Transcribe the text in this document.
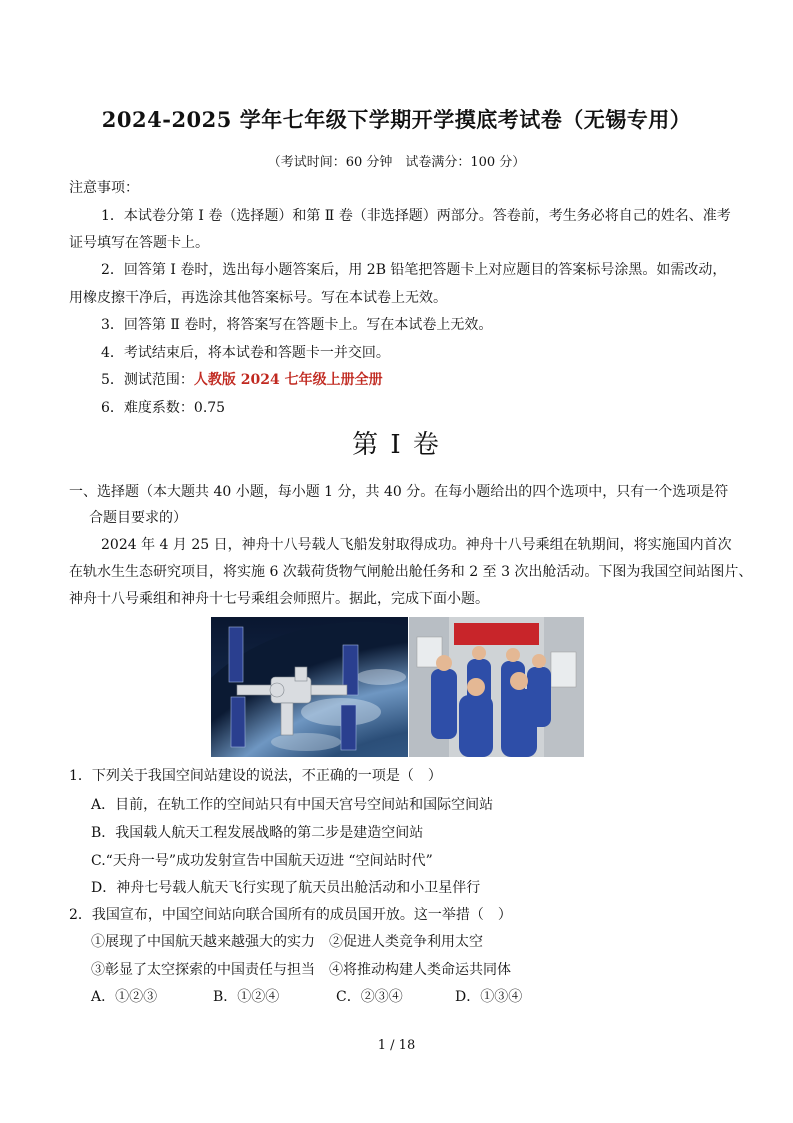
2024-2025 学年七年级下学期开学摸底考试卷（无锡专用）
（考试时间：60 分钟　试卷满分：100 分）
注意事项：
1．本试卷分第 Ⅰ 卷（选择题）和第 Ⅱ 卷（非选择题）两部分。答卷前，考生务必将自己的姓名、准考
证号填写在答题卡上。
2．回答第 Ⅰ 卷时，选出每小题答案后，用 2B 铅笔把答题卡上对应题目的答案标号涂黑。如需改动，
用橡皮擦干净后，再选涂其他答案标号。写在本试卷上无效。
3．回答第 Ⅱ 卷时，将答案写在答题卡上。写在本试卷上无效。
4．考试结束后，将本试卷和答题卡一并交回。
5．测试范围：人教版 2024 七年级上册全册
6．难度系数：0.75
第 Ⅰ 卷
一、选择题（本大题共 40 小题，每小题 1 分，共 40 分。在每小题给出的四个选项中，只有一个选项是符
合题目要求的）
2024 年 4 月 25 日，神舟十八号载人飞船发射取得成功。神舟十八号乘组在轨期间，将实施国内首次
在轨水生生态研究项目，将实施 6 次载荷货物气闸舱出舱任务和 2 至 3 次出舱活动。下图为我国空间站图片、
神舟十八号乘组和神舟十七号乘组会师照片。据此，完成下面小题。
1．下列关于我国空间站建设的说法，不正确的一项是（　）
A．目前，在轨工作的空间站只有中国天宫号空间站和国际空间站
B．我国载人航天工程发展战略的第二步是建造空间站
C.“天舟一号”成功发射宣告中国航天迈进 “空间站时代”
D．神舟七号载人航天飞行实现了航天员出舱活动和小卫星伴行
2．我国宣布，中国空间站向联合国所有的成员国开放。这一举措（　）
①展现了中国航天越来越强大的实力　②促进人类竞争利用太空
③彰显了太空探索的中国责任与担当　④将推动构建人类命运共同体
A．①②③	B．①②④	C．②③④	D．①③④
1 / 18
